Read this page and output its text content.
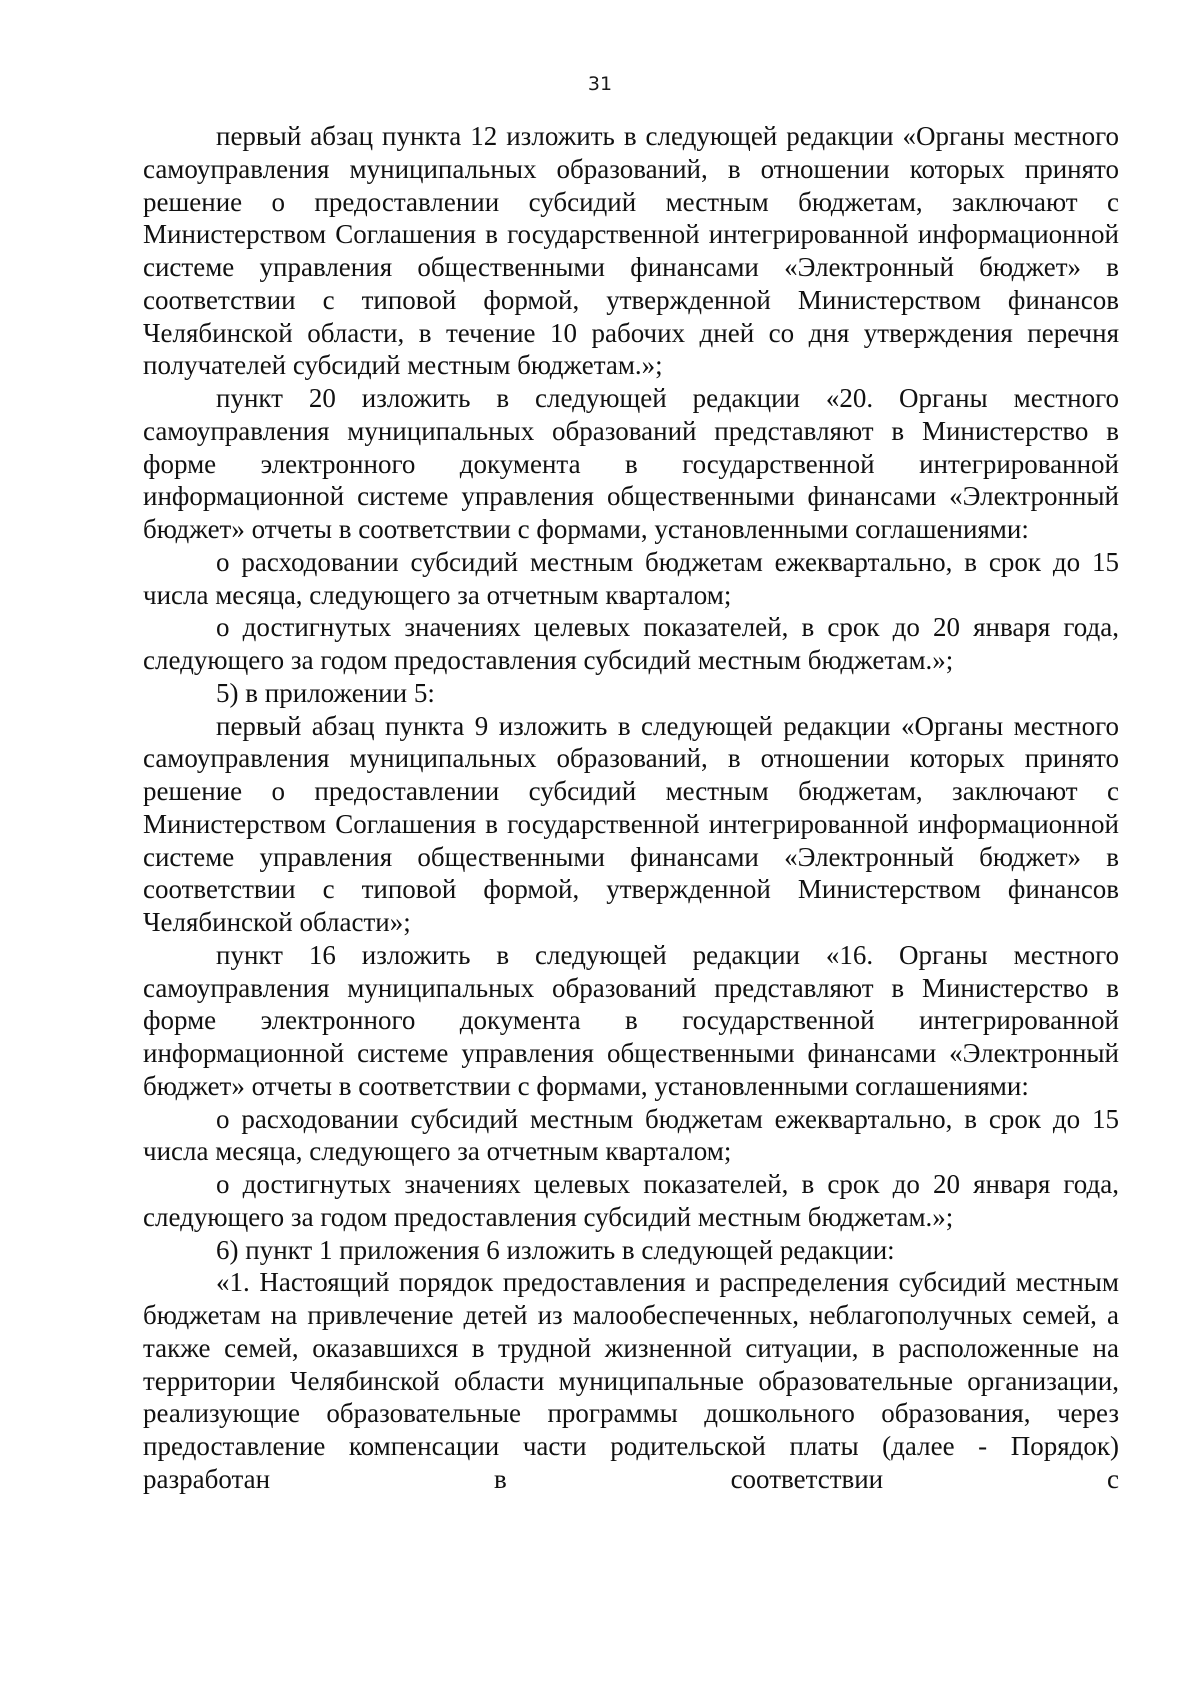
31

первый абзац пункта 12 изложить в следующей редакции «Органы местного самоуправления муниципальных образований, в отношении которых принято решение о предоставлении субсидий местным бюджетам, заключают с Министерством Соглашения в государственной интегрированной информационной системе управления общественными финансами «Электронный бюджет» в соответствии с типовой формой, утвержденной Министерством финансов Челябинской области, в течение 10 рабочих дней со дня утверждения перечня получателей субсидий местным бюджетам.»;

пункт 20 изложить в следующей редакции «20. Органы местного самоуправления муниципальных образований представляют в Министерство в форме электронного документа в государственной интегрированной информационной системе управления общественными финансами «Электронный бюджет» отчеты в соответствии с формами, установленными соглашениями:

о расходовании субсидий местным бюджетам ежеквартально, в срок до 15 числа месяца, следующего за отчетным кварталом;

о достигнутых значениях целевых показателей, в срок до 20 января года, следующего за годом предоставления субсидий местным бюджетам.»;

5) в приложении 5:

первый абзац пункта 9 изложить в следующей редакции «Органы местного самоуправления муниципальных образований, в отношении которых принято решение о предоставлении субсидий местным бюджетам, заключают с Министерством Соглашения в государственной интегрированной информационной системе управления общественными финансами «Электронный бюджет» в соответствии с типовой формой, утвержденной Министерством финансов Челябинской области»;

пункт 16 изложить в следующей редакции «16. Органы местного самоуправления муниципальных образований представляют в Министерство в форме электронного документа в государственной интегрированной информационной системе управления общественными финансами «Электронный бюджет» отчеты в соответствии с формами, установленными соглашениями:

о расходовании субсидий местным бюджетам ежеквартально, в срок до 15 числа месяца, следующего за отчетным кварталом;

о достигнутых значениях целевых показателей, в срок до 20 января года, следующего за годом предоставления субсидий местным бюджетам.»;

6) пункт 1 приложения 6 изложить в следующей редакции:

«1. Настоящий порядок предоставления и распределения субсидий местным бюджетам на привлечение детей из малообеспеченных, неблагополучных семей, а также семей, оказавшихся в трудной жизненной ситуации, в расположенные на территории Челябинской области муниципальные образовательные организации, реализующие образовательные программы дошкольного образования, через предоставление компенсации части родительской платы (далее - Порядок) разработан в соответствии с
